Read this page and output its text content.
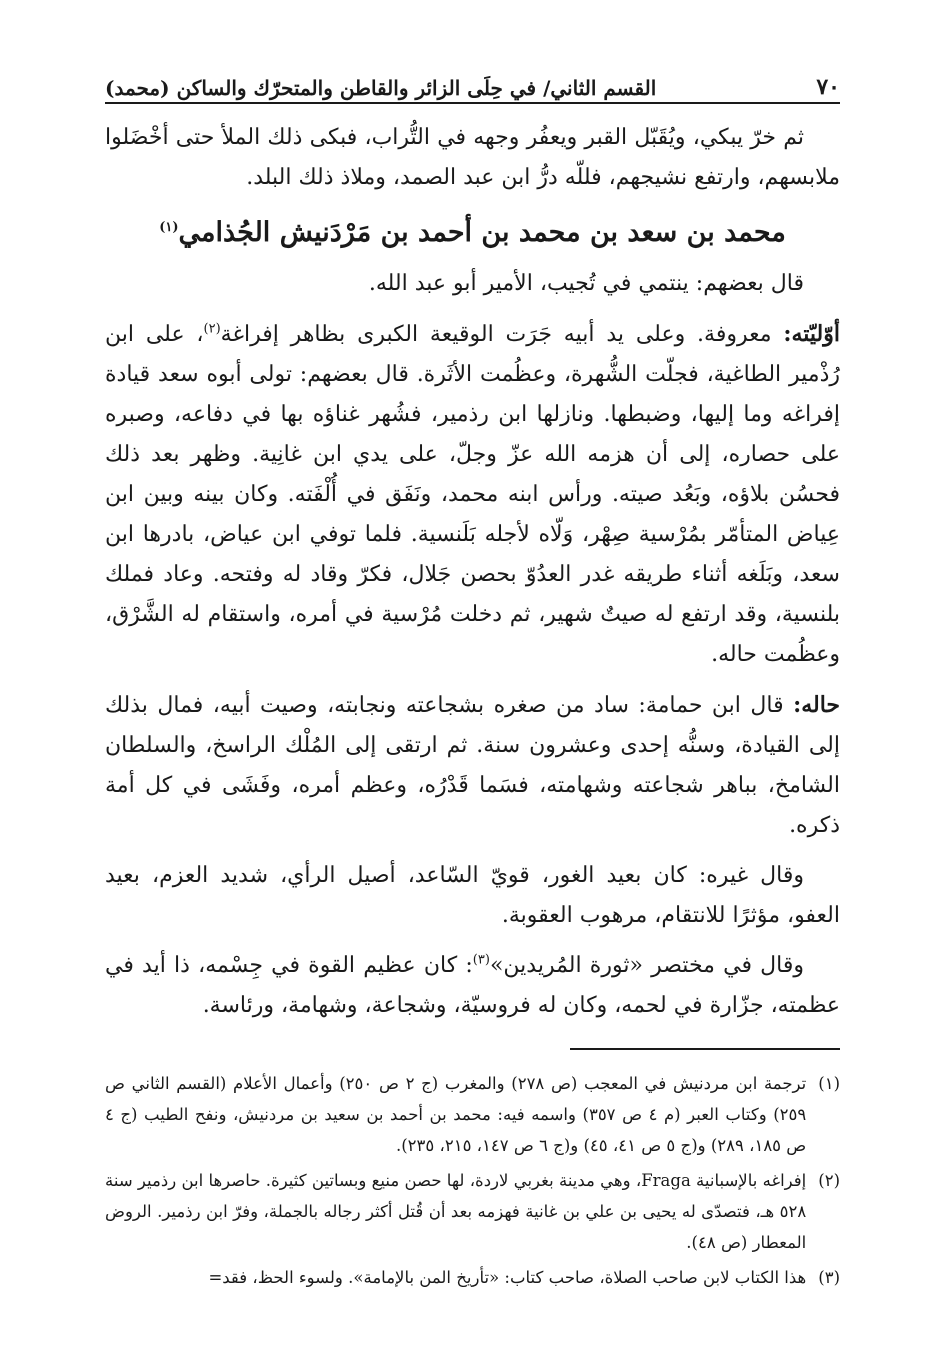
٧٠
القسم الثاني/ في حِلَى الزائر والقاطن والمتحرّك والساكن (محمد)

ثم خرّ يبكي، ويُقَبّل القبر ويعفُر وجهه في التُّراب، فبكى ذلك الملأ حتى أخْضَلوا ملابسهم، وارتفع نشيجهم، فللّه درُّ ابن عبد الصمد، وملاذ ذلك البلد.

محمد بن سعد بن محمد بن أحمد بن مَرْدَنيش الجُذامي$^{(١)}$

قال بعضهم: ينتمي في تُجيب، الأمير أبو عبد الله.

أوّليّته: معروفة. وعلى يد أبيه جَرَت الوقيعة الكبرى بظاهر إفراغة$^{(٢)}$، على ابن رُذْمير الطاغية، فجلّت الشُّهرة، وعظُمت الأثَرة. قال بعضهم: تولى أبوه سعد قيادة إفراغه وما إليها، وضبطها. ونازلها ابن رذمير، فشُهر غناؤه بها في دفاعه، وصبره على حصاره، إلى أن هزمه الله عزّ وجلّ، على يدي ابن غانِية. وظهر بعد ذلك فحسُن بلاؤه، وبَعُد صيته. ورأس ابنه محمد، ونَفَق في أُلْفَته. وكان بينه وبين ابن عِياض المتأمّر بمُرْسية صِهْر، وَلّاه لأجله بَلَنسية. فلما توفي ابن عياض، بادرها ابن سعد، وبَلَغه أثناء طريقه غدر العدُوّ بحصن جَلال، فكرّ وقاد له وفتحه. وعاد فملك بلنسية، وقد ارتفع له صيتٌ شهير، ثم دخلت مُرْسية في أمره، واستقام له الشَّرْق، وعظُمت حاله.

حاله: قال ابن حمامة: ساد من صغره بشجاعته ونجابته، وصيت أبيه، فمال بذلك إلى القيادة، وسنُّه إحدى وعشرون سنة. ثم ارتقى إلى المُلْك الراسخ، والسلطان الشامخ، بباهر شجاعته وشهامته، فسَما قَدْرُه، وعظم أمره، وفَشَى في كل أمة ذكره.

وقال غيره: كان بعيد الغور، قويّ السّاعد، أصيل الرأي، شديد العزم، بعيد العفو، مؤثرًا للانتقام، مرهوب العقوبة.

وقال في مختصر «ثورة المُريدين»$^{(٣)}$: كان عظيم القوة في جِسْمه، ذا أيد في عظمته، جزّارة في لحمه، وكان له فروسيّة، وشجاعة، وشهامة، ورئاسة.

(١)
ترجمة ابن مردنيش في المعجب (ص ٢٧٨) والمغرب (ج ٢ ص ٢٥٠) وأعمال الأعلام (القسم الثاني ص ٢٥٩) وكتاب العبر (م ٤ ص ٣٥٧) واسمه فيه: محمد بن أحمد بن سعيد بن مردنيش، ونفح الطيب (ج ٤ ص ١٨٥، ٢٨٩) و(ج ٥ ص ٤١، ٤٥) و(ج ٦ ص ١٤٧، ٢١٥، ٢٣٥).
(٢)
إفراغه بالإسبانية Fraga، وهي مدينة بغربي لاردة، لها حصن منيع وبساتين كثيرة. حاصرها ابن رذمير سنة ٥٢٨ هـ، فتصدّى له يحيى بن علي بن غانية فهزمه بعد أن قُتل أكثر رجاله بالجملة، وفرّ ابن رذمير. الروض المعطار (ص ٤٨).
(٣)
هذا الكتاب لابن صاحب الصلاة، صاحب كتاب: «تأريخ المن بالإمامة». ولسوء الحظ، فقد=
